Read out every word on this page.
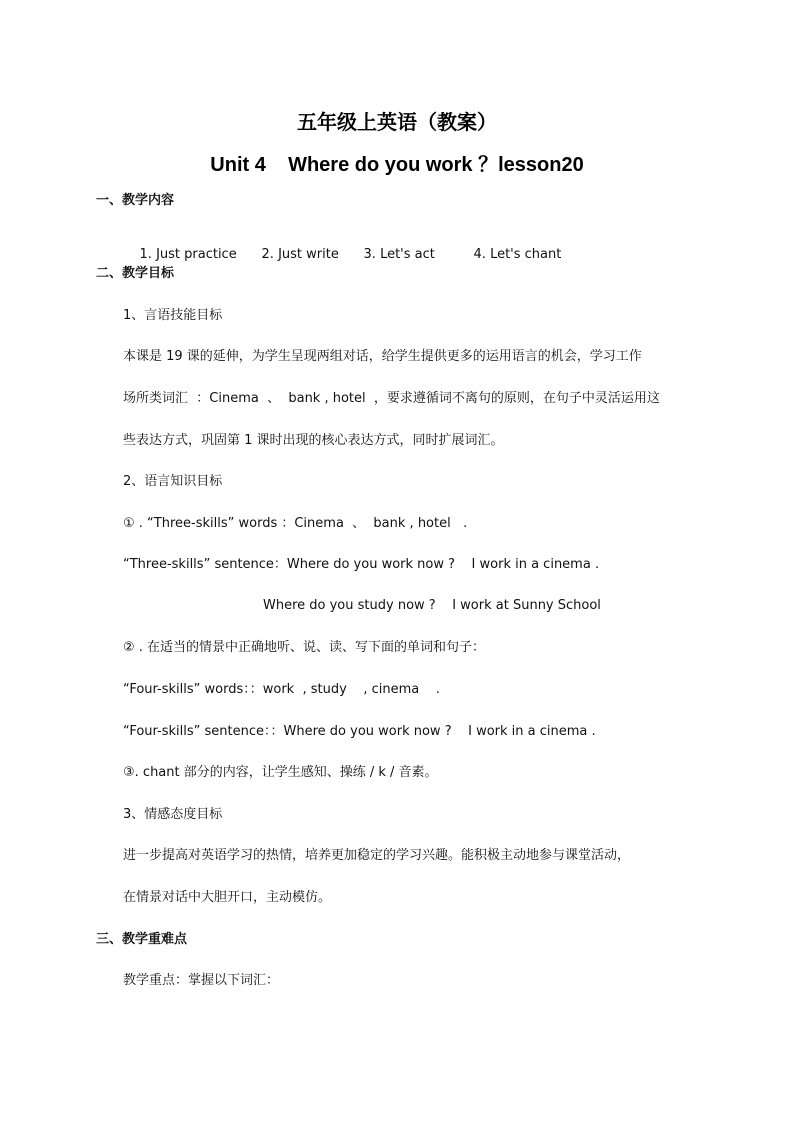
五年级上英语（教案）
Unit 4    Where do you work ？lesson20
一、教学内容

1. Just practice 2. Just write 3. Let's act	4. Let's chant

二、教学目标
1、言语技能目标
本课是 19 课的延伸，为学生呈现两组对话，给学生提供更多的运用语言的机会，学习工作
场所类词汇  ：Cinema  、  bank , hotel  ，要求遵循词不离句的原则，在句子中灵活运用这
些表达方式，巩固第 1 课时出现的核心表达方式，同时扩展词汇。
2、语言知识目标
① . “Three-skills” words ：Cinema  、  bank , hotel   .
“Three-skills” sentence：Where do you work now ?    I work in a cinema .
Where do you study now ?    I work at Sunny School
② . 在适当的情景中正确地听、说、读、写下面的单词和句子：
“Four-skills” words：：work  , study    , cinema    .
“Four-skills” sentence：：Where do you work now ?    I work in a cinema .
③. chant 部分的内容，让学生感知、操练 / k / 音素。
3、情感态度目标
进一步提高对英语学习的热情，培养更加稳定的学习兴趣。能积极主动地参与课堂活动，
在情景对话中大胆开口，主动模仿。
三、教学重难点
教学重点：掌握以下词汇：
